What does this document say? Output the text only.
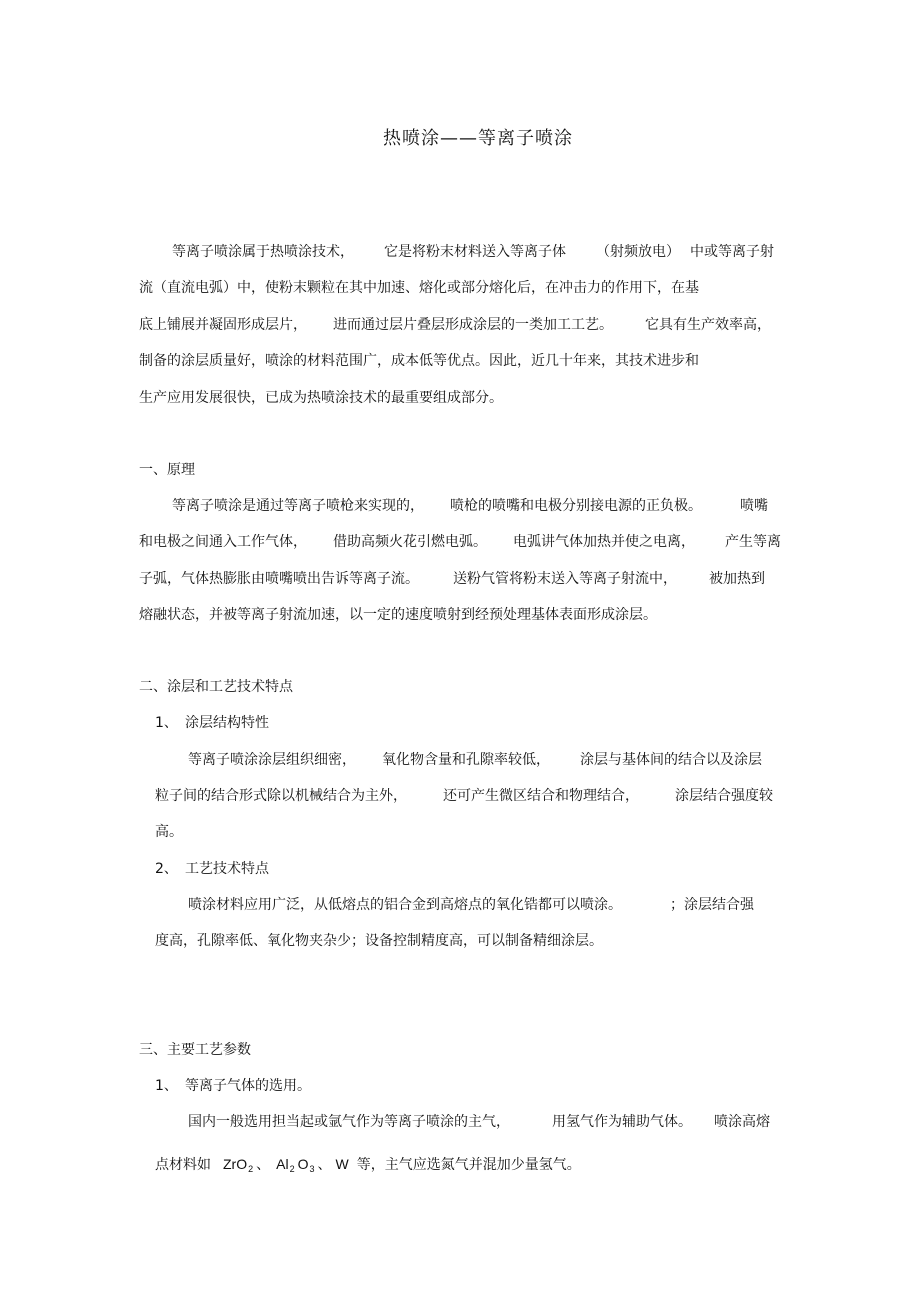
热喷涂——等离子喷涂

等离子喷涂属于热喷涂技术， 它是将粉末材料送入等离子体 （射频放电） 中或等离子射

流（直流电弧）中，使粉末颗粒在其中加速、熔化或部分熔化后，在冲击力的作用下，在基

底上铺展并凝固形成层片， 进而通过层片叠层形成涂层的一类加工工艺。 它具有生产效率高，

制备的涂层质量好，喷涂的材料范围广，成本低等优点。因此，近几十年来，其技术进步和

生产应用发展很快，已成为热喷涂技术的最重要组成部分。

一、原理

等离子喷涂是通过等离子喷枪来实现的， 喷枪的喷嘴和电极分别接电源的正负极。	喷嘴

和电极之间通入工作气体， 借助高频火花引燃电弧。 电弧讲气体加热并使之电离， 产生等离

子弧，气体热膨胀由喷嘴喷出告诉等离子流。 送粉气管将粉末送入等离子射流中， 被加热到

熔融状态，并被等离子射流加速，以一定的速度喷射到经预处理基体表面形成涂层。

二、涂层和工艺技术特点

1、 涂层结构特性

等离子喷涂涂层组织细密， 氧化物含量和孔隙率较低， 涂层与基体间的结合以及涂层

粒子间的结合形式除以机械结合为主外，	还可产生微区结合和物理结合，	涂层结合强度较

高。

2、 工艺技术特点

喷涂材料应用广泛，从低熔点的铝合金到高熔点的氧化锆都可以喷涂。	；涂层结合强

度高，孔隙率低、氧化物夹杂少；设备控制精度高，可以制备精细涂层。

三、主要工艺参数

1、 等离子气体的选用。

国内一般选用担当起或氩气作为等离子喷涂的主气，	用氢气作为辅助气体。 喷涂高熔

点材料如 ZrO$_2$ 、 $Al_2$ $O_3$ 、 W 等，主气应选氮气并混加少量氢气。
